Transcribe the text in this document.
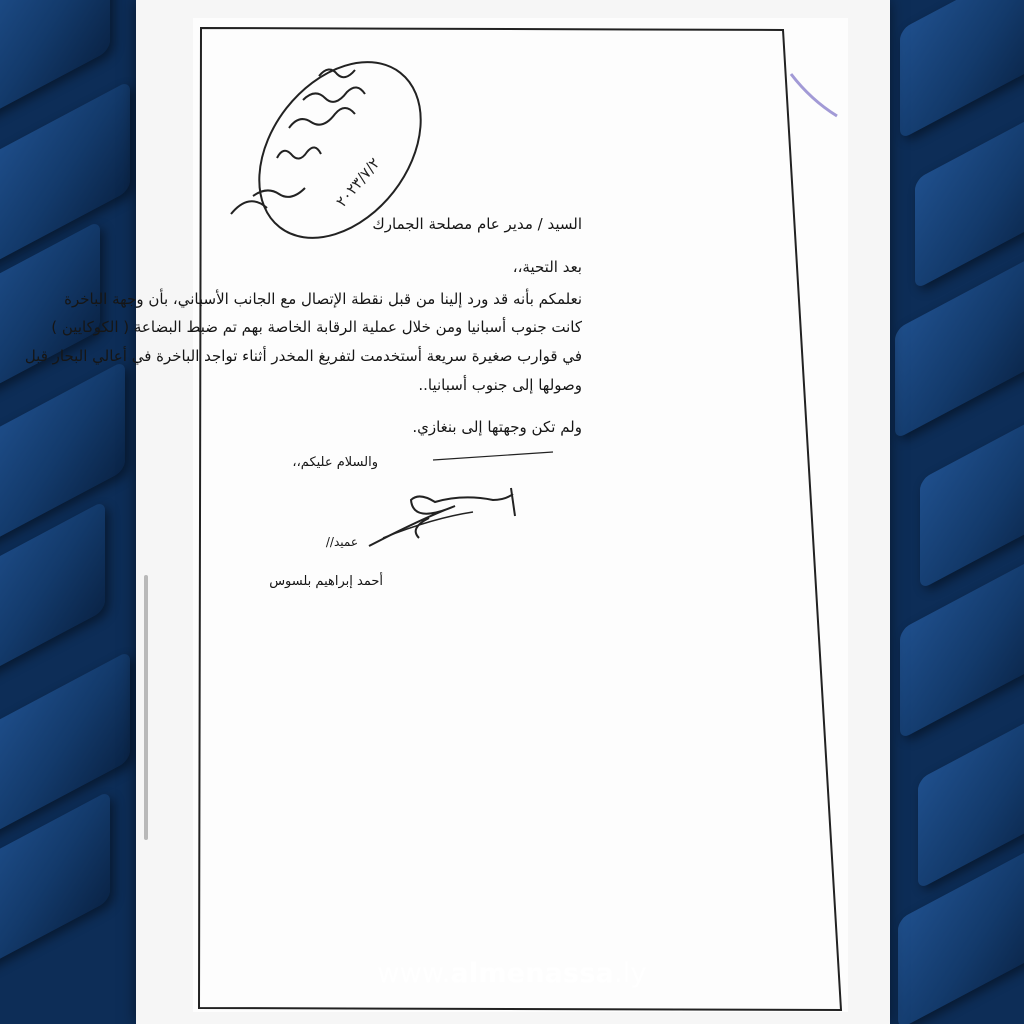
٢٠٢٣/٧/٢
السيد / مدير عام مصلحة الجمارك
بعد التحية،،
نعلمكم بأنه قد ورد إلينا من قبل نقطة الإتصال مع الجانب الأسباني، بأن وجهة الباخرة
كانت جنوب أسبانيا ومن خلال عملية الرقابة الخاصة بهم تم ضبط البضاعة ( الكوكايين )
في قوارب صغيرة سريعة أستخدمت لتفريغ المخدر أثناء تواجد الباخرة في أعالي البحار قبل
وصولها إلى جنوب أسبانيا..
ولم تكن وجهتها إلى بنغازي.
والسلام عليكم،،
عميد//
أحمد إبراهيم بلسوس
www.almenassa.ly
